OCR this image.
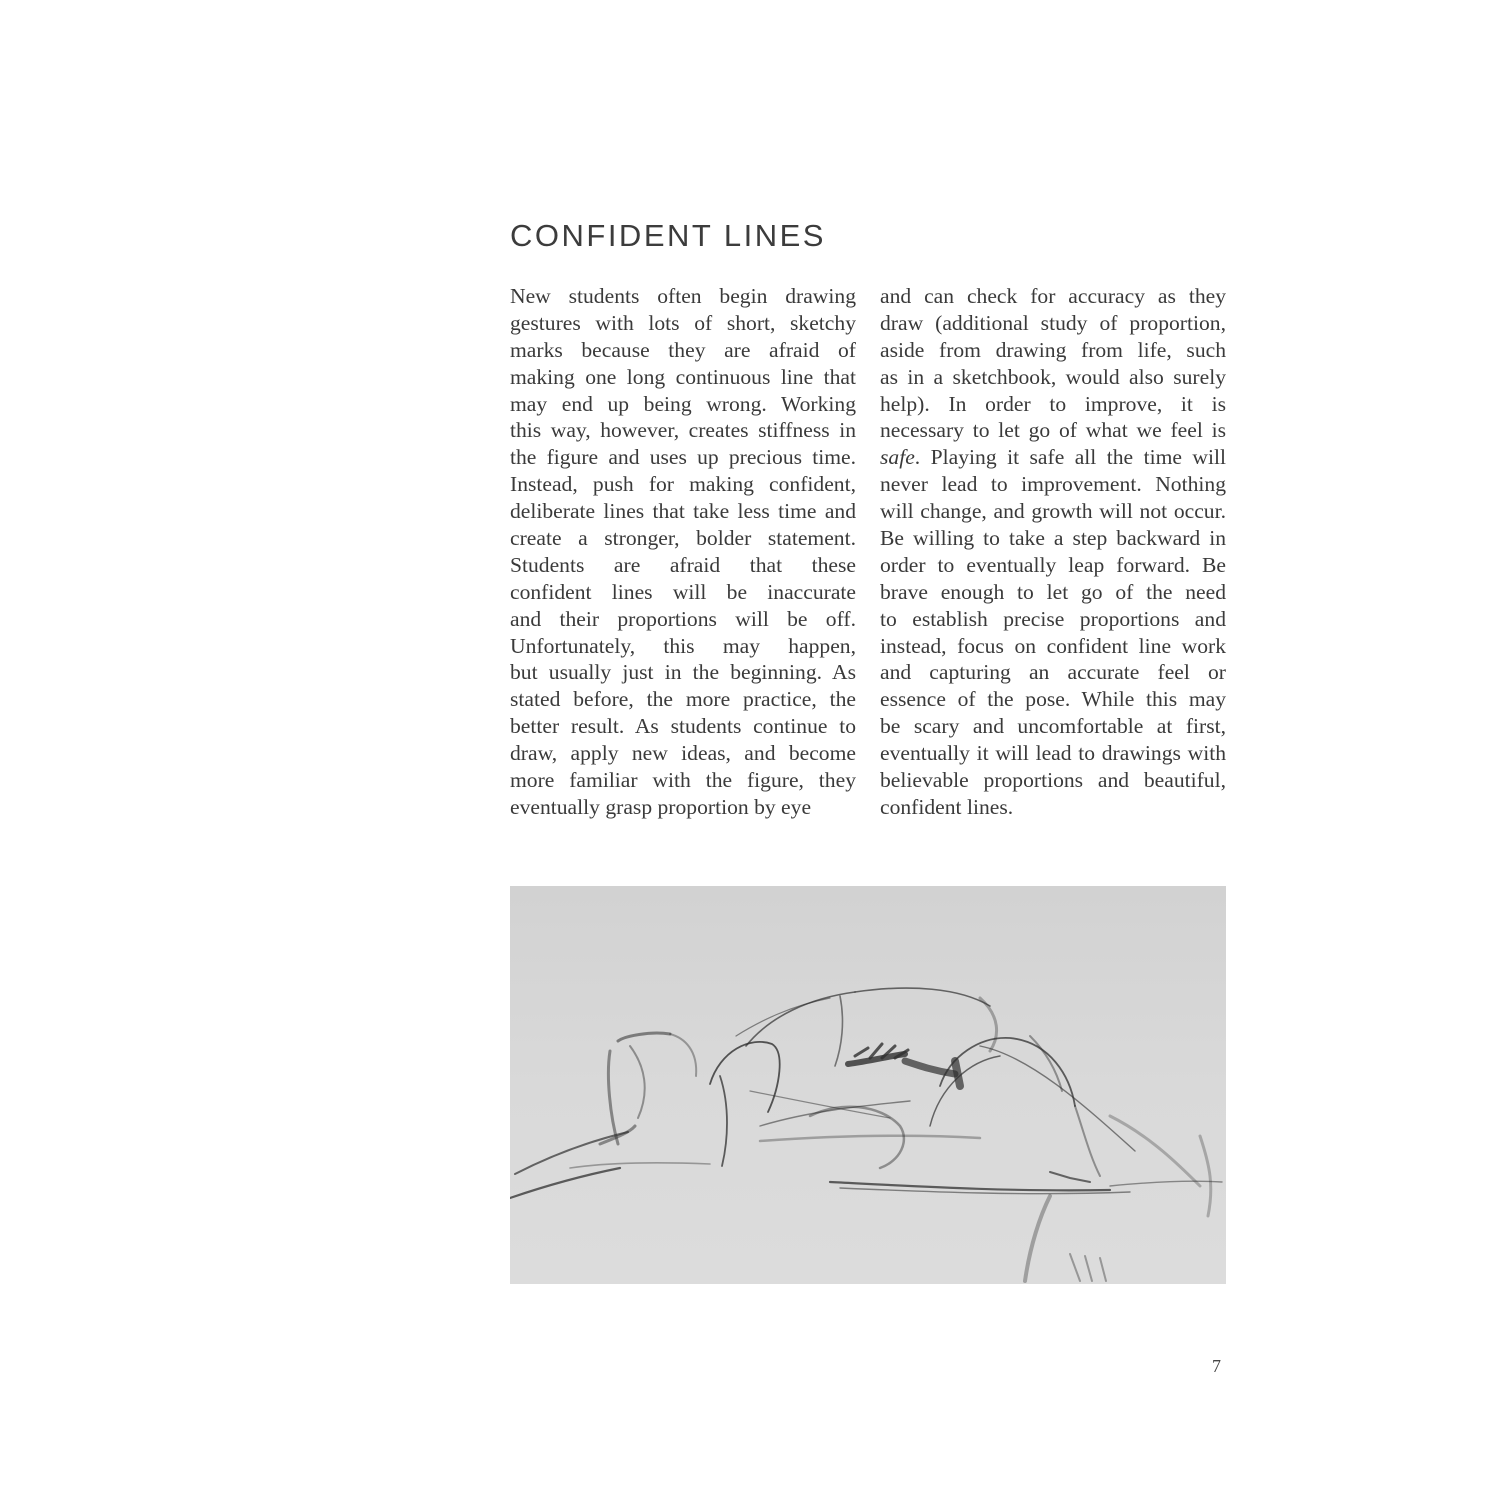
CONFIDENT LINES
New students often begin drawing
gestures with lots of short, sketchy
marks because they are afraid of
making one long continuous line that
may end up being wrong. Working
this way, however, creates stiffness in
the figure and uses up precious time.
Instead, push for making confident,
deliberate lines that take less time and
create a stronger, bolder statement.
Students are afraid that these
confident lines will be inaccurate
and their proportions will be off.
Unfortunately, this may happen,
but usually just in the beginning. As
stated before, the more practice, the
better result. As students continue to
draw, apply new ideas, and become
more familiar with the figure, they
eventually grasp proportion by eye
and can check for accuracy as they
draw (additional study of proportion,
aside from drawing from life, such
as in a sketchbook, would also surely
help). In order to improve, it is
necessary to let go of what we feel is
safe. Playing it safe all the time will
never lead to improvement. Nothing
will change, and growth will not occur.
Be willing to take a step backward in
order to eventually leap forward. Be
brave enough to let go of the need
to establish precise proportions and
instead, focus on confident line work
and capturing an accurate feel or
essence of the pose. While this may
be scary and uncomfortable at first,
eventually it will lead to drawings with
believable proportions and beautiful,
confident lines.
7
